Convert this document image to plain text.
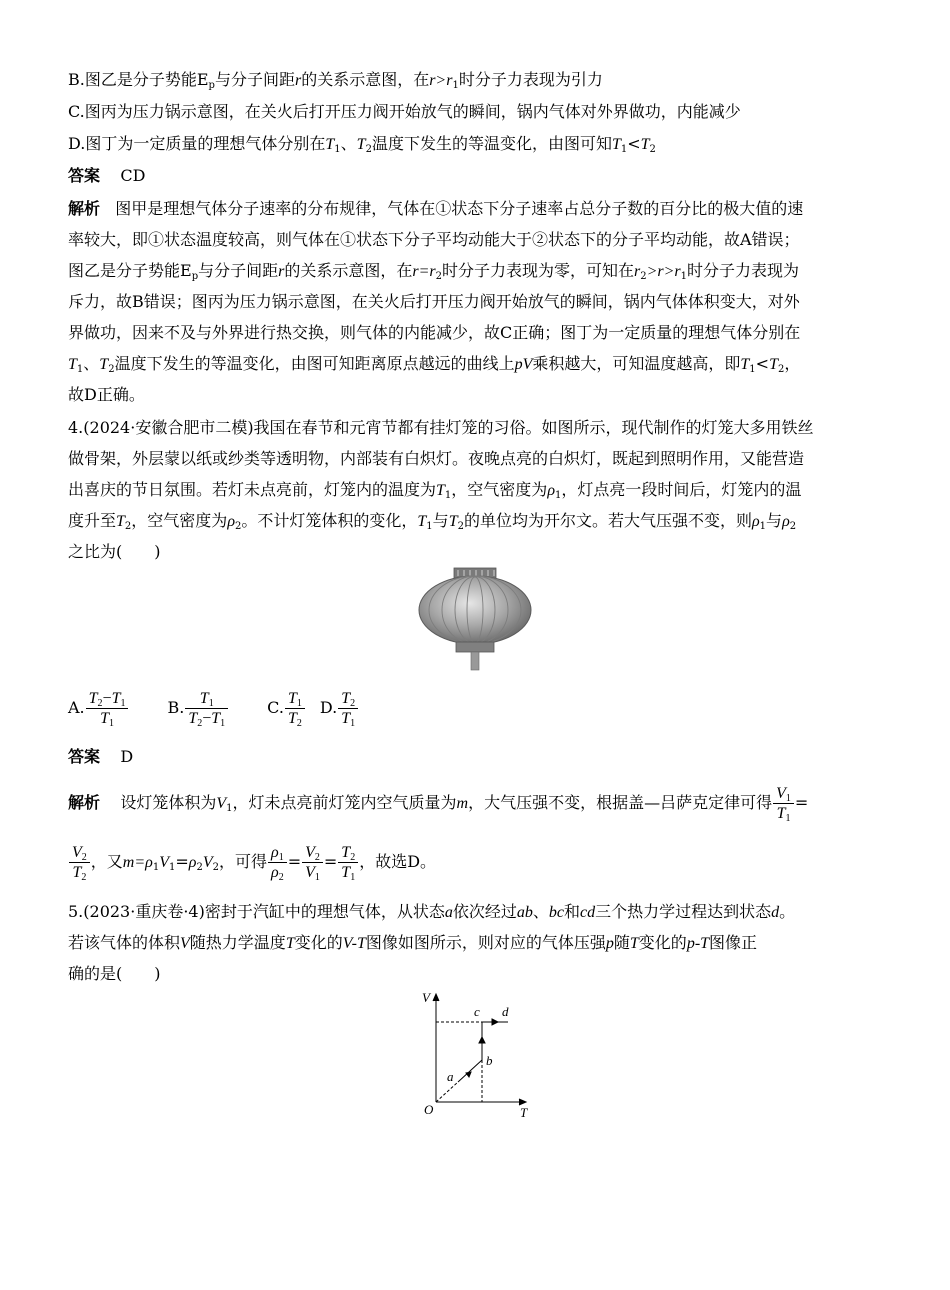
B.图乙是分子势能$E_p$与分子间距r的关系示意图，在$r>r_1$时分子力表现为引力
C.图丙为压力锅示意图，在关火后打开压力阀开始放气的瞬间，锅内气体对外界做功，内能减少
D.图丁为一定质量的理想气体分别在$T_1$、$T_2$温度下发生的等温变化，由图可知$T_1<T_2$
答案 CD
解析 图甲是理想气体分子速率的分布规律，气体在①状态下分子速率占总分子数的百分比的极大值的速
率较大，即①状态温度较高，则气体在①状态下分子平均动能大于②状态下的分子平均动能，故A错误；
图乙是分子势能$E_p$与分子间距r的关系示意图，在$r=r_2$时分子力表现为零，可知在$r_2>r>r_1$时分子力表现为
斥力，故B错误；图丙为压力锅示意图，在关火后打开压力阀开始放气的瞬间，锅内气体体积变大，对外
界做功，因来不及与外界进行热交换，则气体的内能减少，故C正确；图丁为一定质量的理想气体分别在
$T_1$、$T_2$温度下发生的等温变化，由图可知距离原点越远的曲线上pV乘积越大，可知温度越高，即$T_1<T_2$，
故D正确。
4.(2024·安徽合肥市二模)我国在春节和元宵节都有挂灯笼的习俗。如图所示，现代制作的灯笼大多用铁丝
做骨架，外层蒙以纸或纱类等透明物，内部装有白炽灯。夜晚点亮的白炽灯，既起到照明作用，又能营造
出喜庆的节日氛围。若灯未点亮前，灯笼内的温度为$T_1$，空气密度为$\rho_1$，灯点亮一段时间后，灯笼内的温
度升至$T_2$，空气密度为$\rho_2$。不计灯笼体积的变化，$T_1$与$T_2$的单位均为开尔文。若大气压强不变，则$\rho_1$与$\rho_2$
之比为(　　)
A. $\frac{T_2-T_1}{T_1} B$. $\frac{T_1}{T_2-T_1} C$. $\frac{T_1}{T_2} D$. $\frac{T_2}{T_1}$
答案 D
解析 设灯笼体积为$V_1$，灯未点亮前灯笼内空气质量为m，大气压强不变，根据盖—吕萨克定律可得 $\frac{V_1}{T_1}$ =
$\frac{V_2}{T_2}$ ，又$m=\rho_1V_1=\rho_2V_2$，可得 $\frac{\rho_1}{\rho_2} = \frac{V_2}{V_1} = \frac{T_2}{T_1}$ ，故选D。
5.(2023·重庆卷·4)密封于汽缸中的理想气体，从状态a依次经过ab、bc和cd三个热力学过程达到状态d。
若该气体的体积V随热力学温度T变化的V-T图像如图所示，则对应的气体压强p随T变化的p-T图像正
确的是(　　)
V
T
O
a
b
c d
